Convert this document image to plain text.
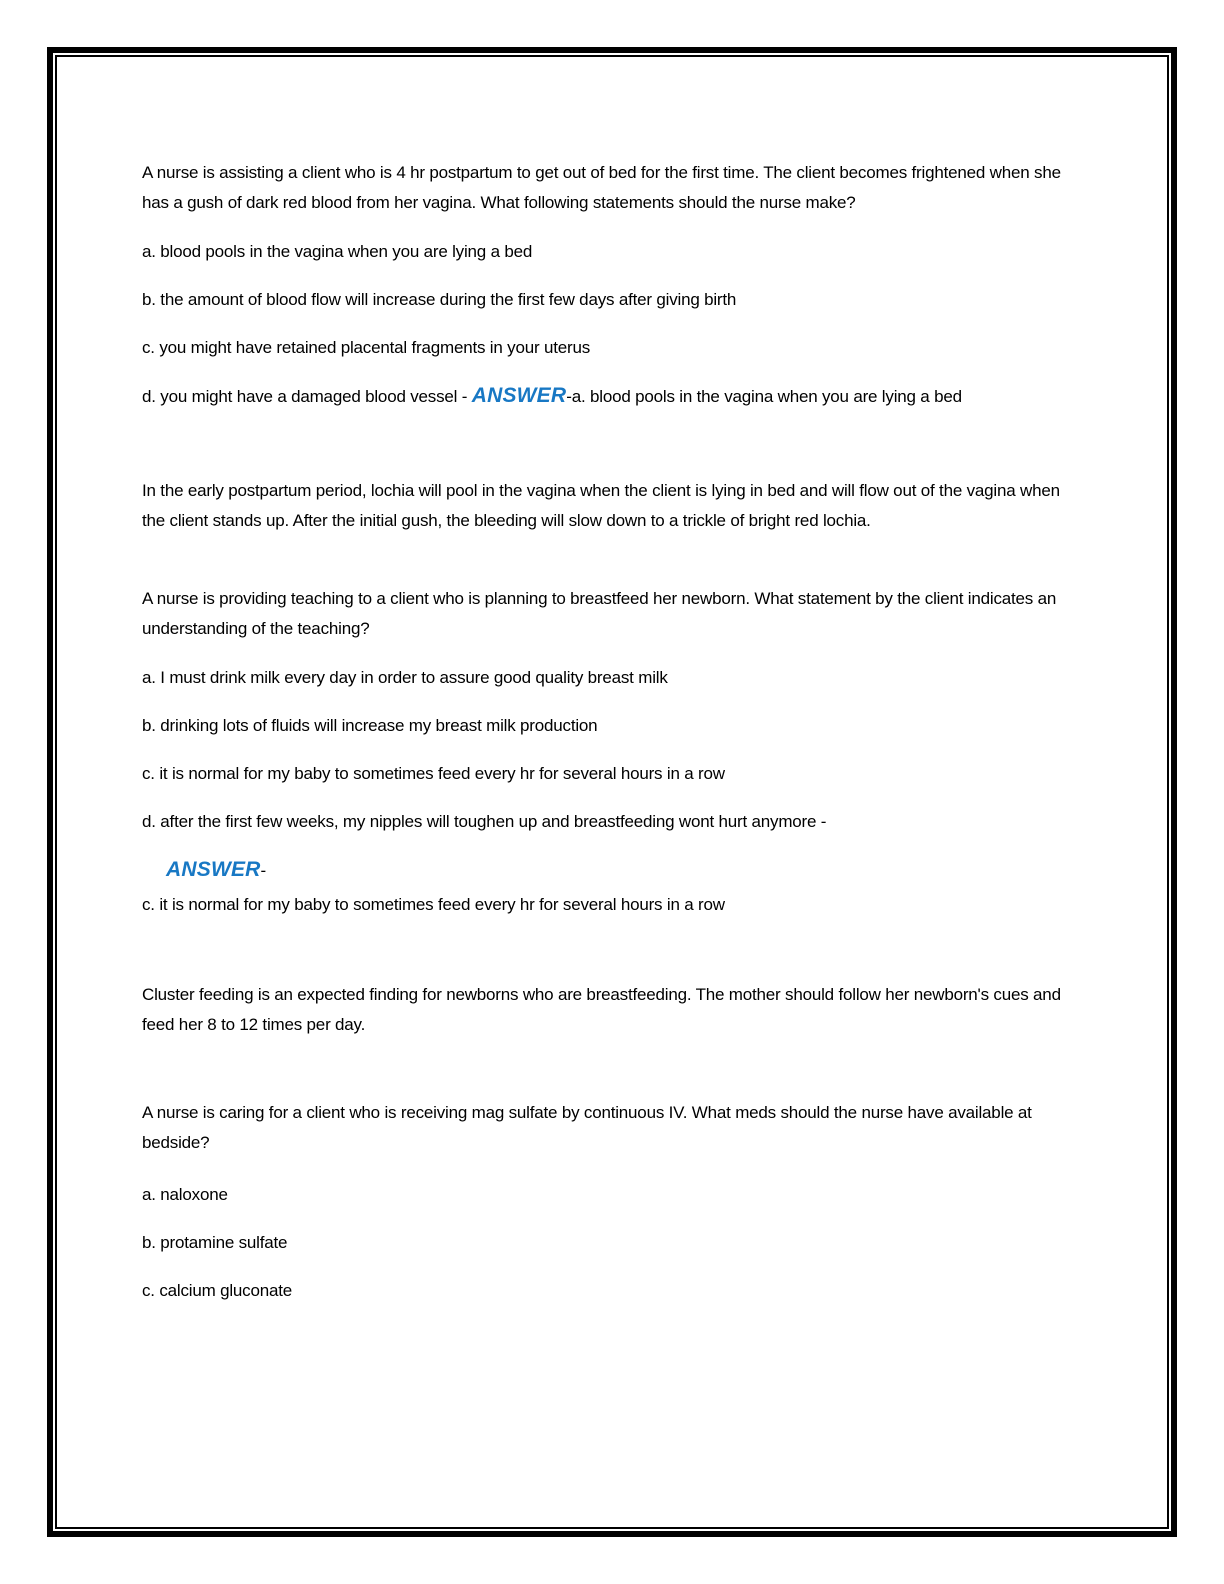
A nurse is assisting a client who is 4 hr postpartum to get out of bed for the first time. The client becomes frightened when she has a gush of dark red blood from her vagina. What following statements should the nurse make?

a. blood pools in the vagina when you are lying a bed

b. the amount of blood flow will increase during the first few days after giving birth

c. you might have retained placental fragments in your uterus

d. you might have a damaged blood vessel - ANSWER-a. blood pools in the vagina when you are lying a bed

In the early postpartum period, lochia will pool in the vagina when the client is lying in bed and will flow out of the vagina when the client stands up. After the initial gush, the bleeding will slow down to a trickle of bright red lochia.

A nurse is providing teaching to a client who is planning to breastfeed her newborn. What statement by the client indicates an understanding of the teaching?

a. I must drink milk every day in order to assure good quality breast milk

b. drinking lots of fluids will increase my breast milk production

c. it is normal for my baby to sometimes feed every hr for several hours in a row

d. after the first few weeks, my nipples will toughen up and breastfeeding wont hurt anymore -

ANSWER-

c. it is normal for my baby to sometimes feed every hr for several hours in a row

Cluster feeding is an expected finding for newborns who are breastfeeding. The mother should follow her newborn's cues and feed her 8 to 12 times per day.

A nurse is caring for a client who is receiving mag sulfate by continuous IV. What meds should the nurse have available at bedside?

a. naloxone

b. protamine sulfate

c. calcium gluconate
